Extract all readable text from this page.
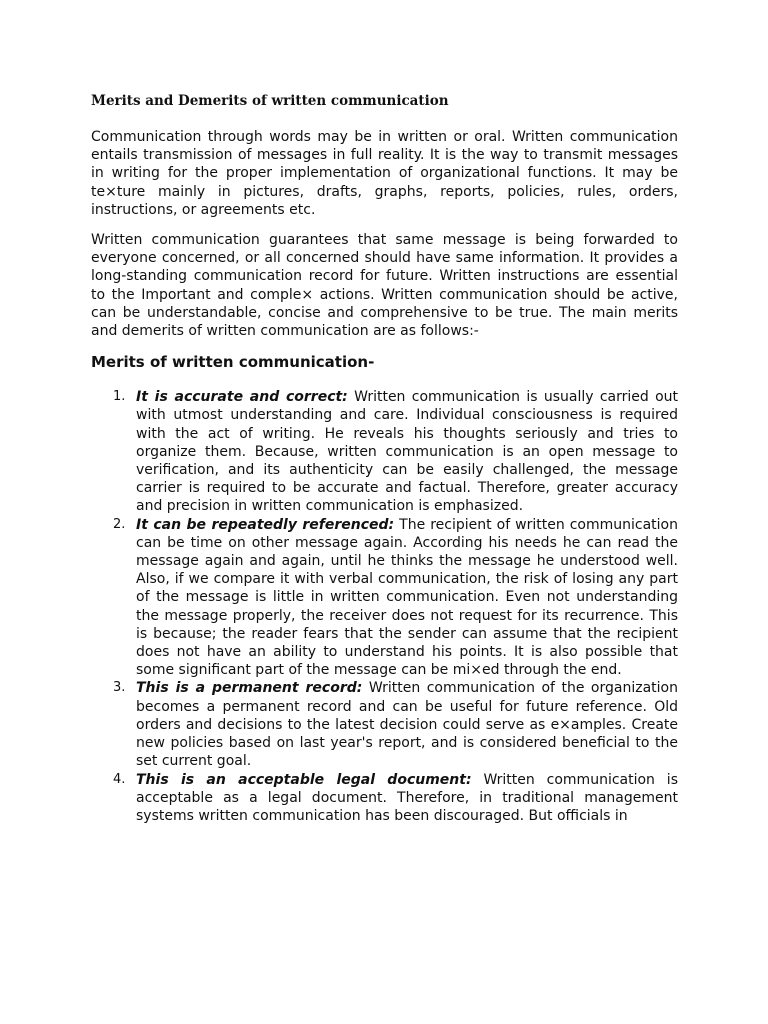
Merits and Demerits of written communication

Communication through words may be in written or oral. Written communication entails transmission of messages in full reality. It is the way to transmit messages in writing for the proper implementation of organizational functions. It may be te×ture mainly in pictures, drafts, graphs, reports, policies, rules, orders, instructions, or agreements etc.

Written communication guarantees that same message is being forwarded to everyone concerned, or all concerned should have same information. It provides a long-standing communication record for future. Written instructions are essential to the Important and comple× actions. Written communication should be active, can be understandable, concise and comprehensive to be true. The main merits and demerits of written communication are as follows:-

Merits of written communication-
1. It is accurate and correct: Written communication is usually carried out with utmost understanding and care. Individual consciousness is required with the act of writing. He reveals his thoughts seriously and tries to organize them. Because, written communication is an open message to verification, and its authenticity can be easily challenged, the message carrier is required to be accurate and factual. Therefore, greater accuracy and precision in written communication is emphasized.
2. It can be repeatedly referenced: The recipient of written communication can be time on other message again. According his needs he can read the message again and again, until he thinks the message he understood well. Also, if we compare it with verbal communication, the risk of losing any part of the message is little in written communication. Even not understanding the message properly, the receiver does not request for its recurrence. This is because; the reader fears that the sender can assume that the recipient does not have an ability to understand his points. It is also possible that some significant part of the message can be mi×ed through the end.
3. This is a permanent record: Written communication of the organization becomes a permanent record and can be useful for future reference. Old orders and decisions to the latest decision could serve as e×amples. Create new policies based on last year's report, and is considered beneficial to the set current goal.
4. This is an acceptable legal document: Written communication is acceptable as a legal document. Therefore, in traditional management systems written communication has been discouraged. But officials in
